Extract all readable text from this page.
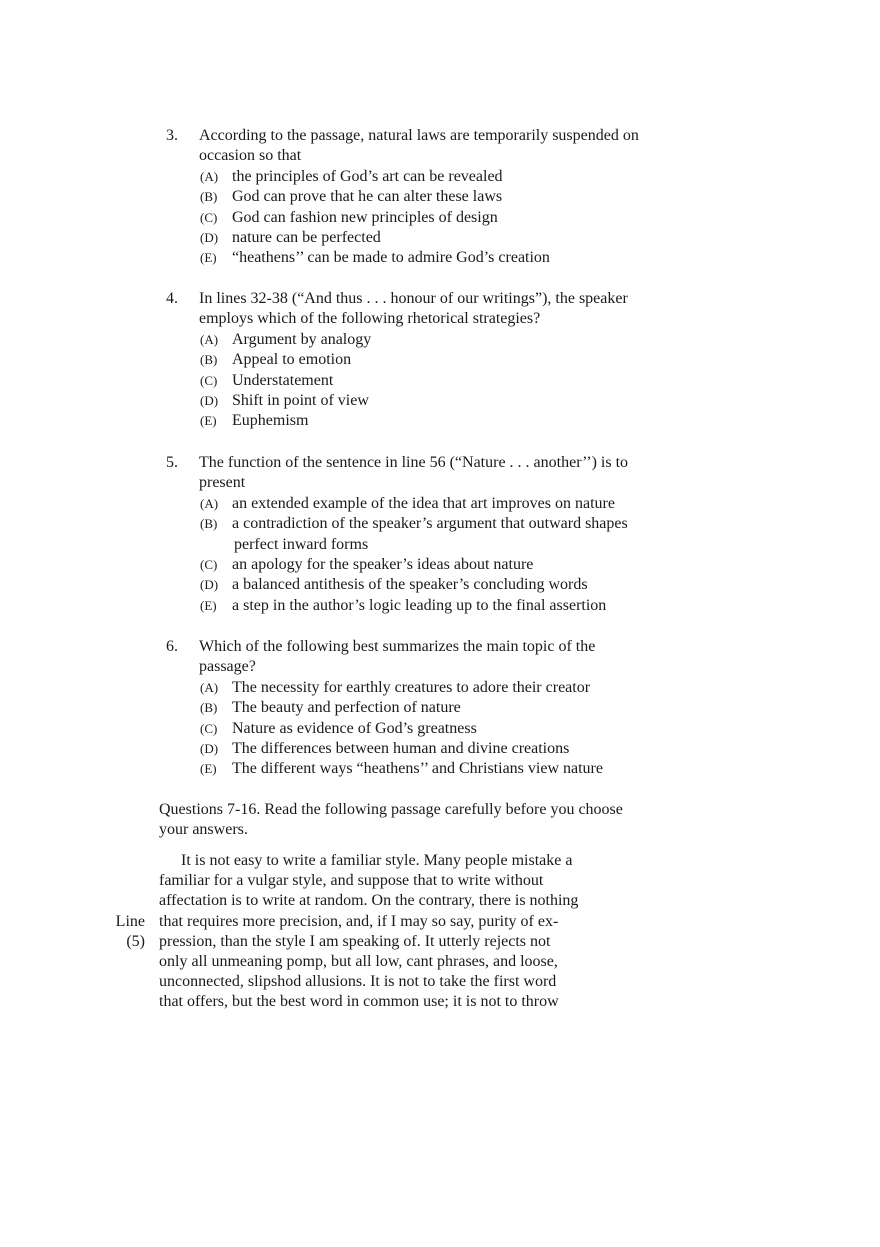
3. According to the passage, natural laws are temporarily suspended on
occasion so that
(A) the principles of God’s art can be revealed
(B) God can prove that he can alter these laws
(C) God can fashion new principles of design
(D) nature can be perfected
(E) “heathens’’ can be made to admire God’s creation
4. In lines 32-38 (“And thus . . . honour of our writings”), the speaker
employs which of the following rhetorical strategies?
(A) Argument by analogy
(B) Appeal to emotion
(C) Understatement
(D) Shift in point of view
(E) Euphemism
5. The function of the sentence in line 56 (“Nature . . . another’’) is to
present
(A) an extended example of the idea that art improves on nature
(B) a contradiction of the speaker’s argument that outward shapes
perfect inward forms
(C) an apology for the speaker’s ideas about nature
(D) a balanced antithesis of the speaker’s concluding words
(E) a step in the author’s logic leading up to the final assertion
6. Which of the following best summarizes the main topic of the
passage?
(A) The necessity for earthly creatures to adore their creator
(B) The beauty and perfection of nature
(C) Nature as evidence of God’s greatness
(D) The differences between human and divine creations
(E) The different ways “heathens’’ and Christians view nature
Questions 7-16. Read the following passage carefully before you choose
your answers.
It is not easy to write a familiar style. Many people mistake a
familiar for a vulgar style, and suppose that to write without
affectation is to write at random. On the contrary, there is nothing
Line that requires more precision, and, if I may so say, purity of ex-
(5) pression, than the style I am speaking of. It utterly rejects not
only all unmeaning pomp, but all low, cant phrases, and loose,
unconnected, slipshod allusions. It is not to take the first word
that offers, but the best word in common use; it is not to throw
